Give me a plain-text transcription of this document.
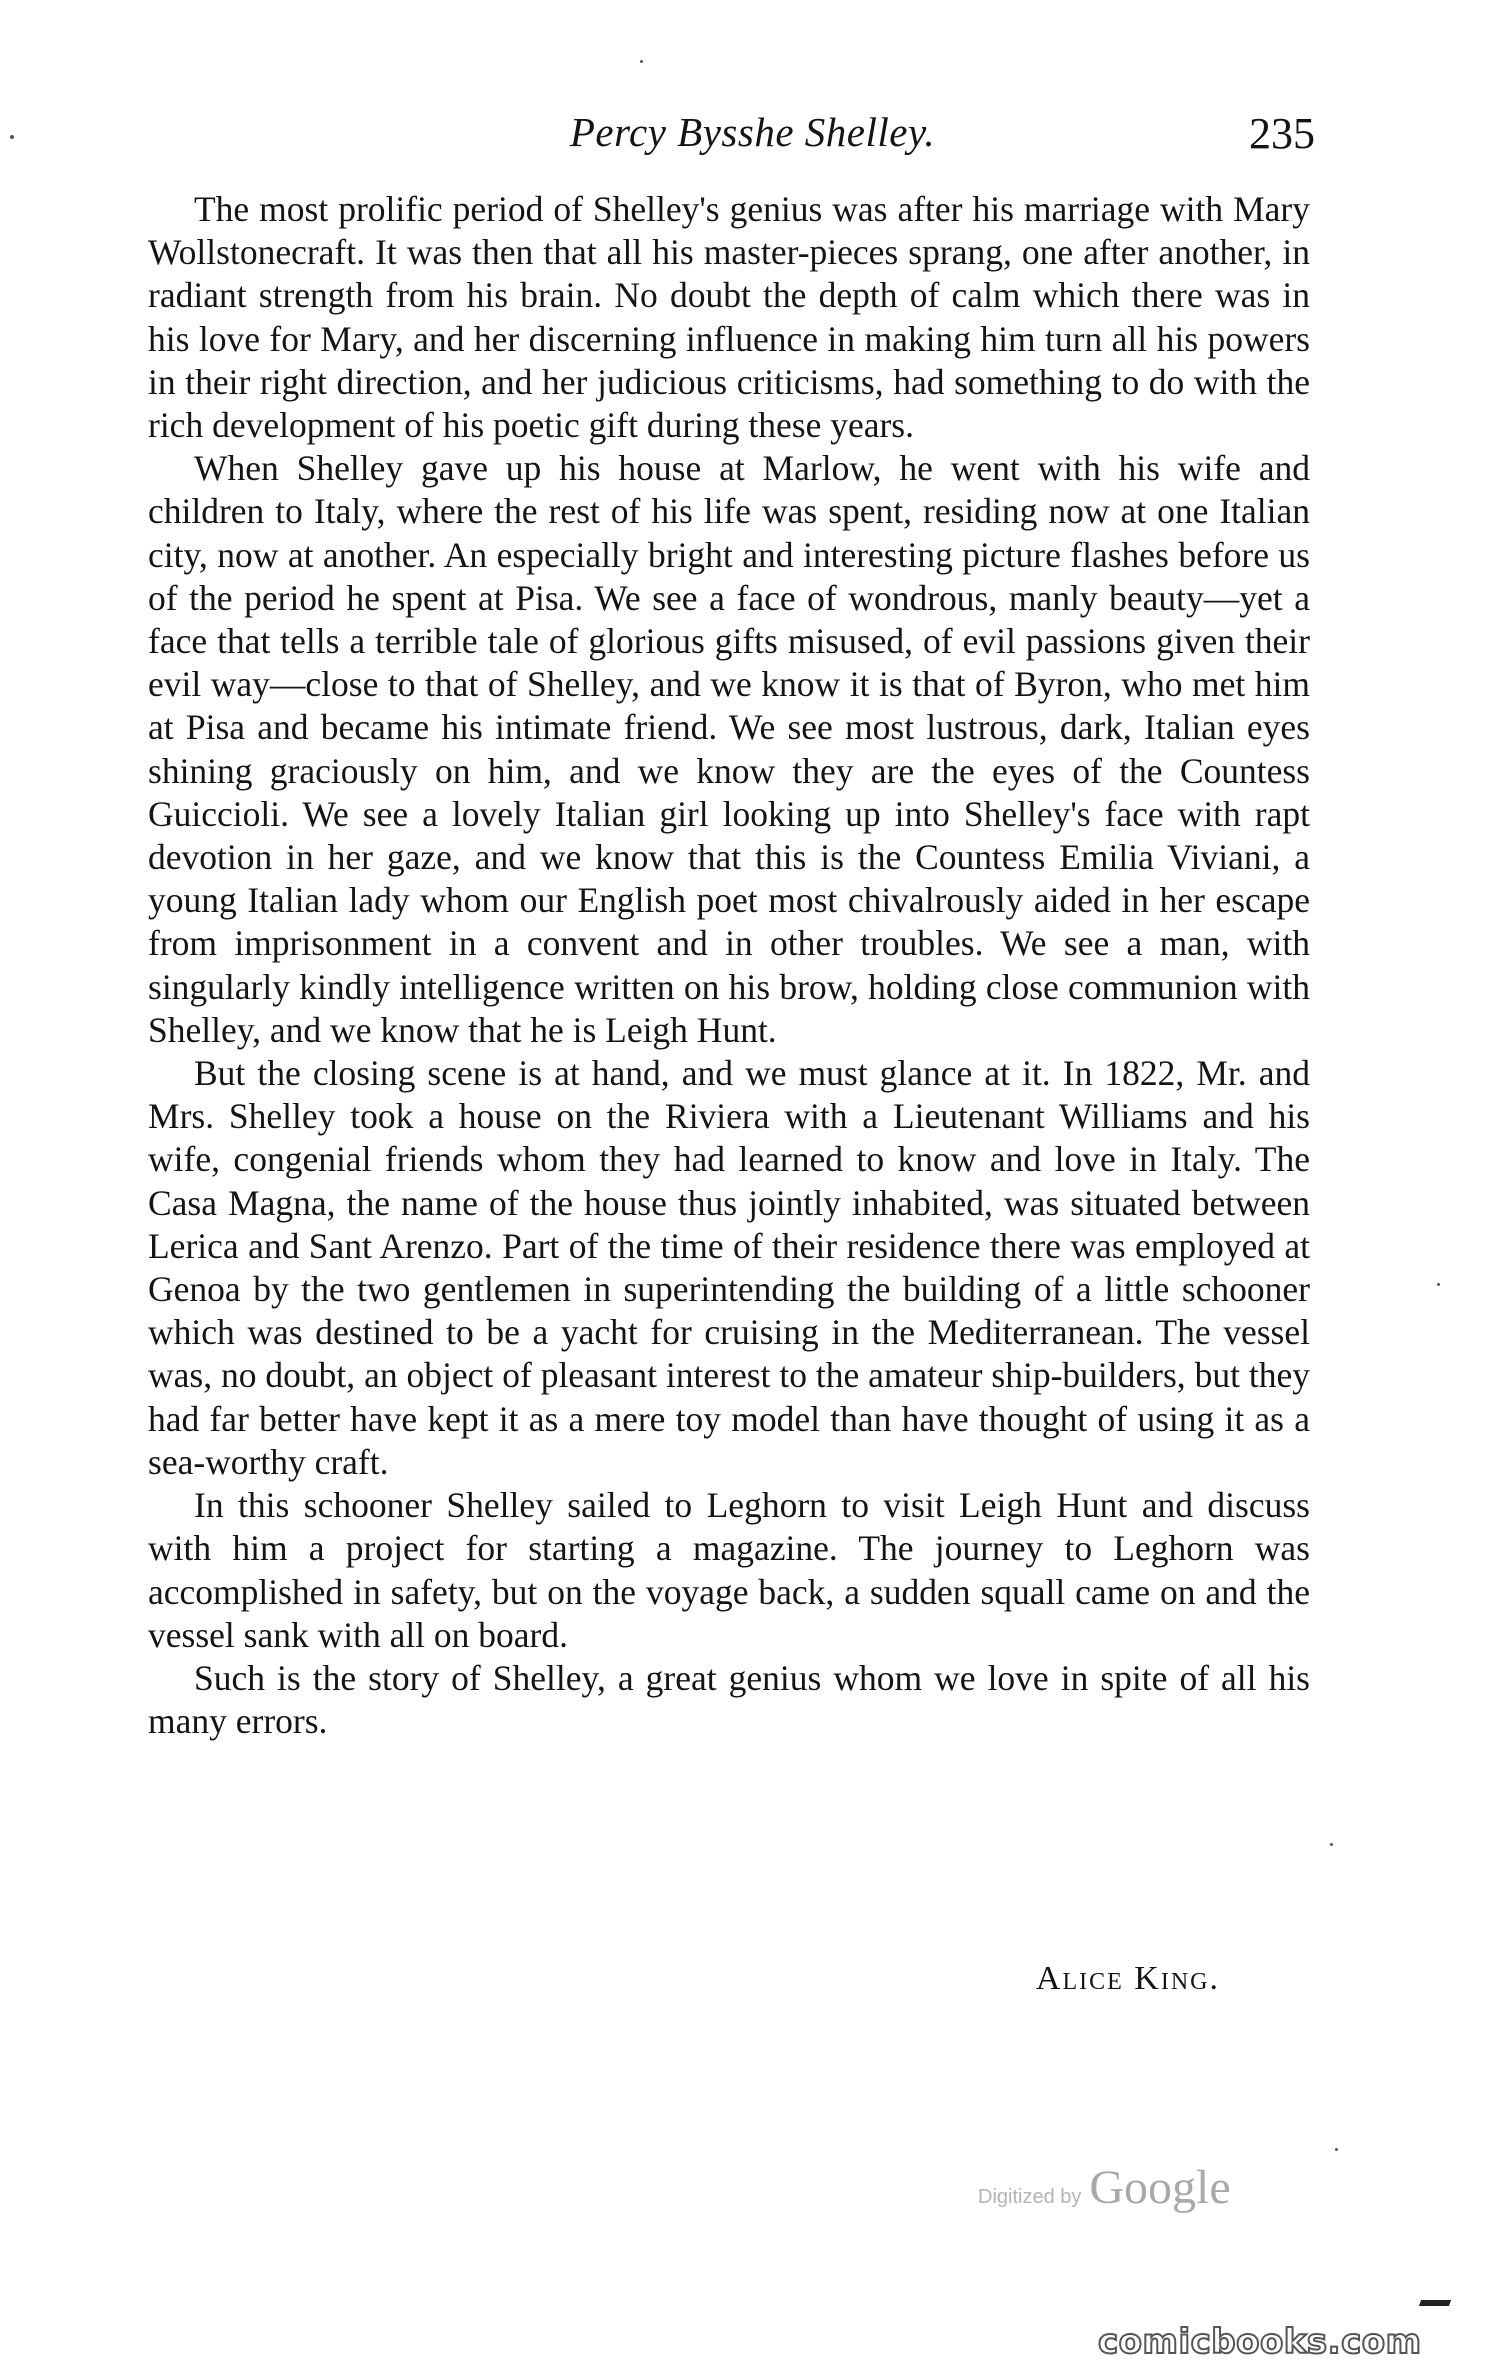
Percy Bysshe Shelley.	235

The most prolific period of Shelley's genius was after his marriage with Mary Wollstonecraft. It was then that all his master-pieces sprang, one after another, in radiant strength from his brain. No doubt the depth of calm which there was in his love for Mary, and her discerning influence in making him turn all his powers in their right direction, and her judicious criticisms, had something to do with the rich development of his poetic gift during these years.

When Shelley gave up his house at Marlow, he went with his wife and children to Italy, where the rest of his life was spent, residing now at one Italian city, now at another. An especially bright and interesting picture flashes before us of the period he spent at Pisa. We see a face of wondrous, manly beauty—yet a face that tells a terrible tale of glorious gifts misused, of evil passions given their evil way—close to that of Shelley, and we know it is that of Byron, who met him at Pisa and became his intimate friend. We see most lustrous, dark, Italian eyes shining graciously on him, and we know they are the eyes of the Countess Guiccioli. We see a lovely Italian girl looking up into Shelley's face with rapt devotion in her gaze, and we know that this is the Countess Emilia Viviani, a young Italian lady whom our English poet most chivalrously aided in her escape from imprisonment in a convent and in other troubles. We see a man, with singularly kindly intelligence written on his brow, holding close communion with Shelley, and we know that he is Leigh Hunt.

But the closing scene is at hand, and we must glance at it. In 1822, Mr. and Mrs. Shelley took a house on the Riviera with a Lieutenant Williams and his wife, congenial friends whom they had learned to know and love in Italy. The Casa Magna, the name of the house thus jointly inhabited, was situated between Lerica and Sant Arenzo. Part of the time of their residence there was employed at Genoa by the two gentlemen in superintending the building of a little schooner which was destined to be a yacht for cruising in the Mediterranean. The vessel was, no doubt, an object of pleasant interest to the amateur ship-builders, but they had far better have kept it as a mere toy model than have thought of using it as a sea-worthy craft.

In this schooner Shelley sailed to Leghorn to visit Leigh Hunt and discuss with him a project for starting a magazine. The journey to Leghorn was accomplished in safety, but on the voyage back, a sudden squall came on and the vessel sank with all on board.

Such is the story of Shelley, a great genius whom we love in spite of all his many errors.

Alice King.
Digitized by Google
comicbooks.com
